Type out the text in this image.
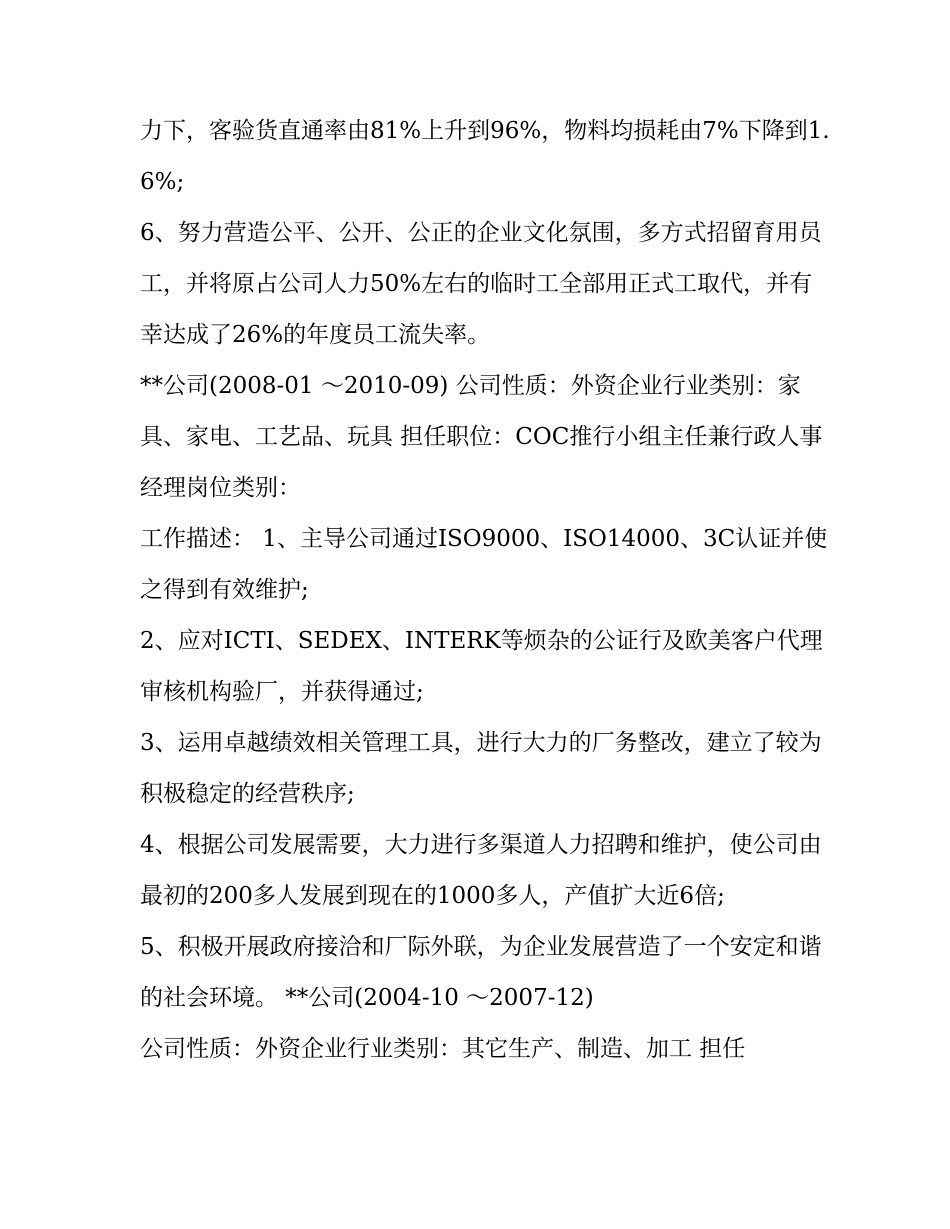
力下，客验货直通率由81%上升到96%，物料均损耗由7%下降到1.6%;

6、努力营造公平、公开、公正的企业文化氛围，多方式招留育用员工，并将原占公司人力50%左右的临时工全部用正式工取代，并有幸达成了26%的年度员工流失率。

**公司(2008-01 ～2010-09) 公司性质：外资企业行业类别：家具、家电、工艺品、玩具 担任职位：COC推行小组主任兼行政人事经理岗位类别：

工作描述： 1、主导公司通过ISO9000、ISO14000、3C认证并使之得到有效维护;

2、应对ICTI、SEDEX、INTERK等烦杂的公证行及欧美客户代理审核机构验厂，并获得通过;

3、运用卓越绩效相关管理工具，进行大力的厂务整改，建立了较为积极稳定的经营秩序;

4、根据公司发展需要，大力进行多渠道人力招聘和维护，使公司由最初的200多人发展到现在的1000多人，产值扩大近6倍;

5、积极开展政府接洽和厂际外联，为企业发展营造了一个安定和谐的社会环境。 **公司(2004-10 ～2007-12)

公司性质：外资企业行业类别：其它生产、制造、加工 担任
